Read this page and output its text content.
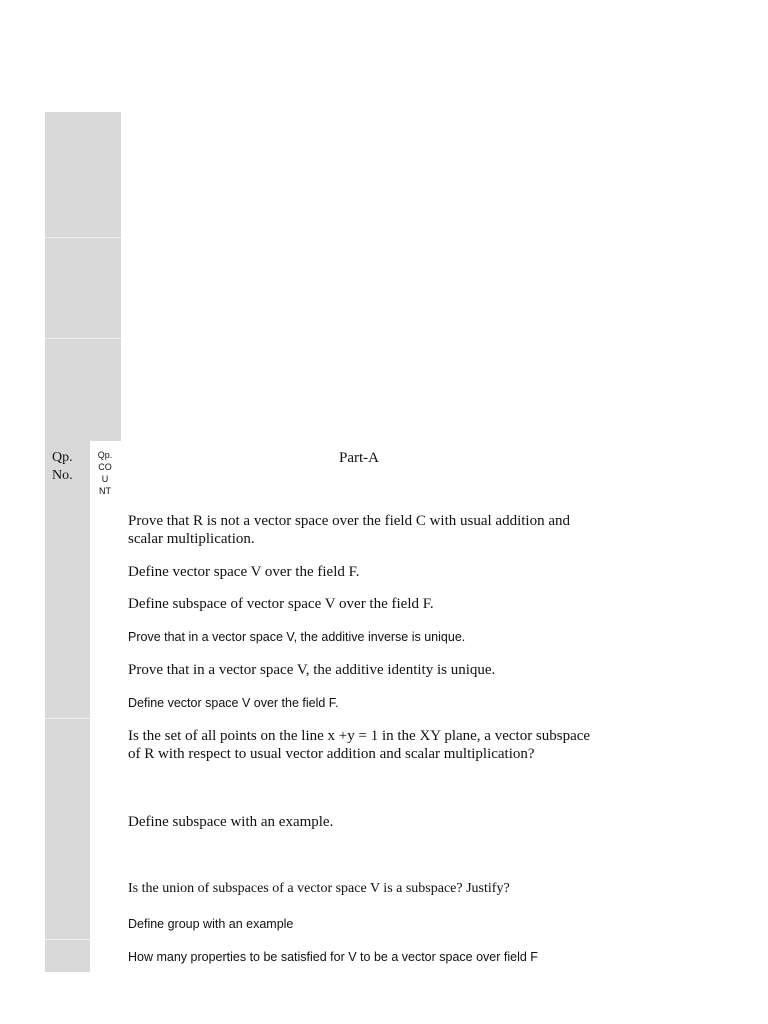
Qp.
No.
Qp.
CO
U
NT
Part-A
Prove that R is not a vector space over the field C with usual addition and
scalar multiplication.
Define vector space V over the field F.
Define subspace of vector space V over the field F.
Prove that in a vector space V, the additive inverse is unique.
Prove that in a vector space V, the additive identity is unique.
Define vector space V over the field F.
Is the set of all points on the line x +y = 1 in the XY plane, a vector subspace
of R with respect to usual vector addition and scalar multiplication?
Define subspace with an example.
Is the union of subspaces of a vector space V is a subspace? Justify?
Define group with an example
How many properties to be satisfied for V to be a vector space over field F
